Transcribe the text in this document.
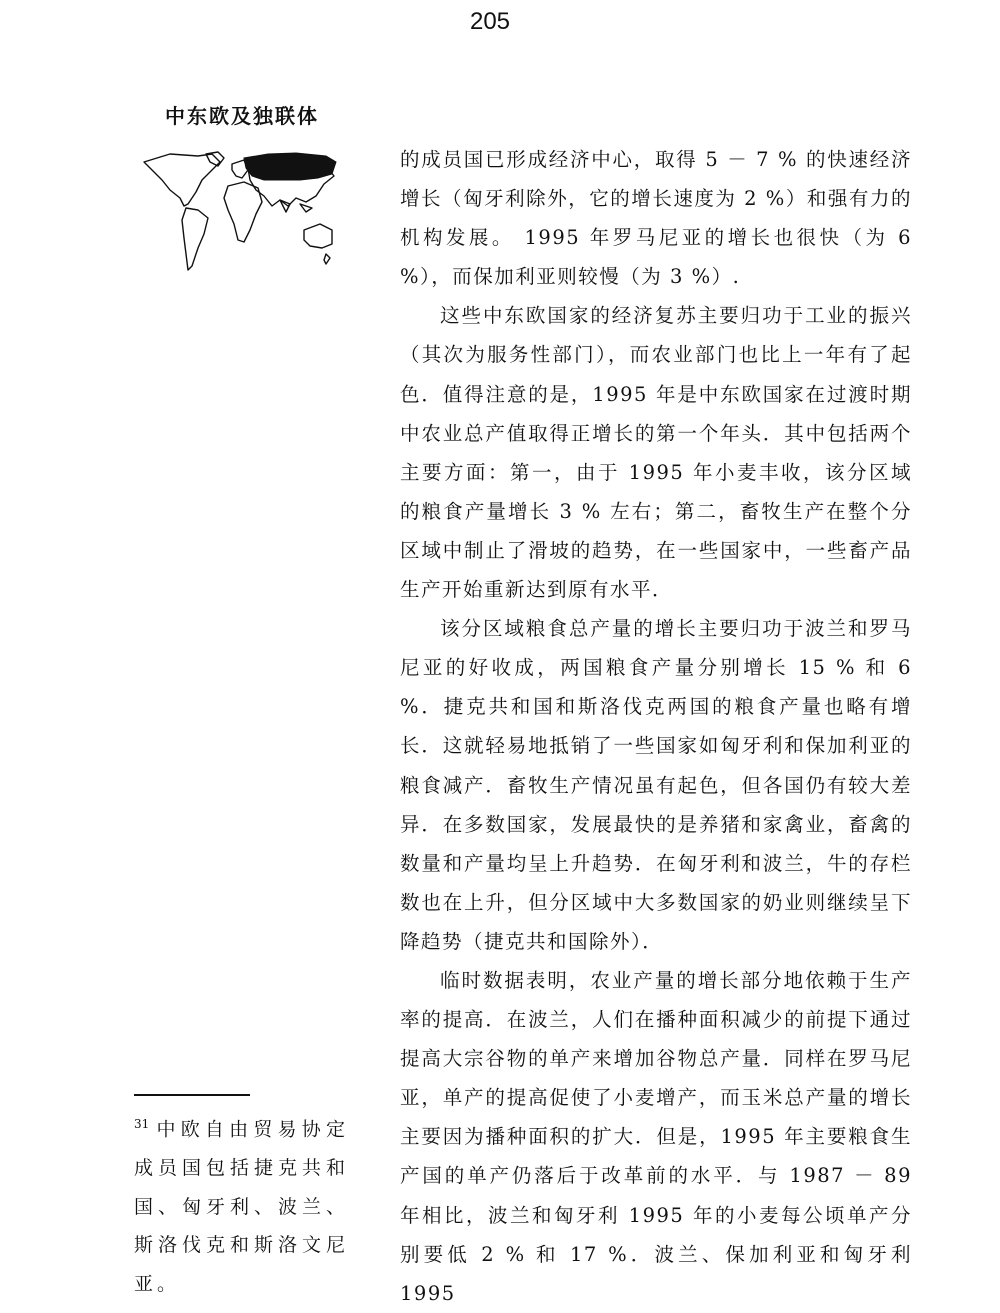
205
中东欧及独联体

的成员国已形成经济中心，取得 5 － 7 % 的快速经济增长（匈牙利除外，它的增长速度为 2 %）和强有力的机构发展。 1995 年罗马尼亚的增长也很快（为 6 %），而保加利亚则较慢（为 3 %）.

这些中东欧国家的经济复苏主要归功于工业的振兴（其次为服务性部门），而农业部门也比上一年有了起色．值得注意的是，1995 年是中东欧国家在过渡时期中农业总产值取得正增长的第一个年头．其中包括两个主要方面：第一，由于 1995 年小麦丰收，该分区域的粮食产量增长 3 % 左右；第二，畜牧生产在整个分区域中制止了滑坡的趋势，在一些国家中，一些畜产品生产开始重新达到原有水平．

该分区域粮食总产量的增长主要归功于波兰和罗马尼亚的好收成，两国粮食产量分别增长 15 % 和 6 %．捷克共和国和斯洛伐克两国的粮食产量也略有增长．这就轻易地抵销了一些国家如匈牙利和保加利亚的粮食减产．畜牧生产情况虽有起色，但各国仍有较大差异．在多数国家，发展最快的是养猪和家禽业，畜禽的数量和产量均呈上升趋势．在匈牙利和波兰，牛的存栏数也在上升，但分区域中大多数国家的奶业则继续呈下降趋势（捷克共和国除外）．

临时数据表明，农业产量的增长部分地依赖于生产率的提高．在波兰，人们在播种面积减少的前提下通过提高大宗谷物的单产来增加谷物总产量．同样在罗马尼亚，单产的提高促使了小麦增产，而玉米总产量的增长主要因为播种面积的扩大．但是，1995 年主要粮食生产国的单产仍落后于改革前的水平．与 1987 － 89 年相比，波兰和匈牙利 1995 年的小麦每公顷单产分别要低 2 % 和 17 %．波兰、保加利亚和匈牙利 1995

$^{31}$ 中欧自由贸易协定成员国包括捷克共和国、匈牙利、波兰、斯洛伐克和斯洛文尼亚。
